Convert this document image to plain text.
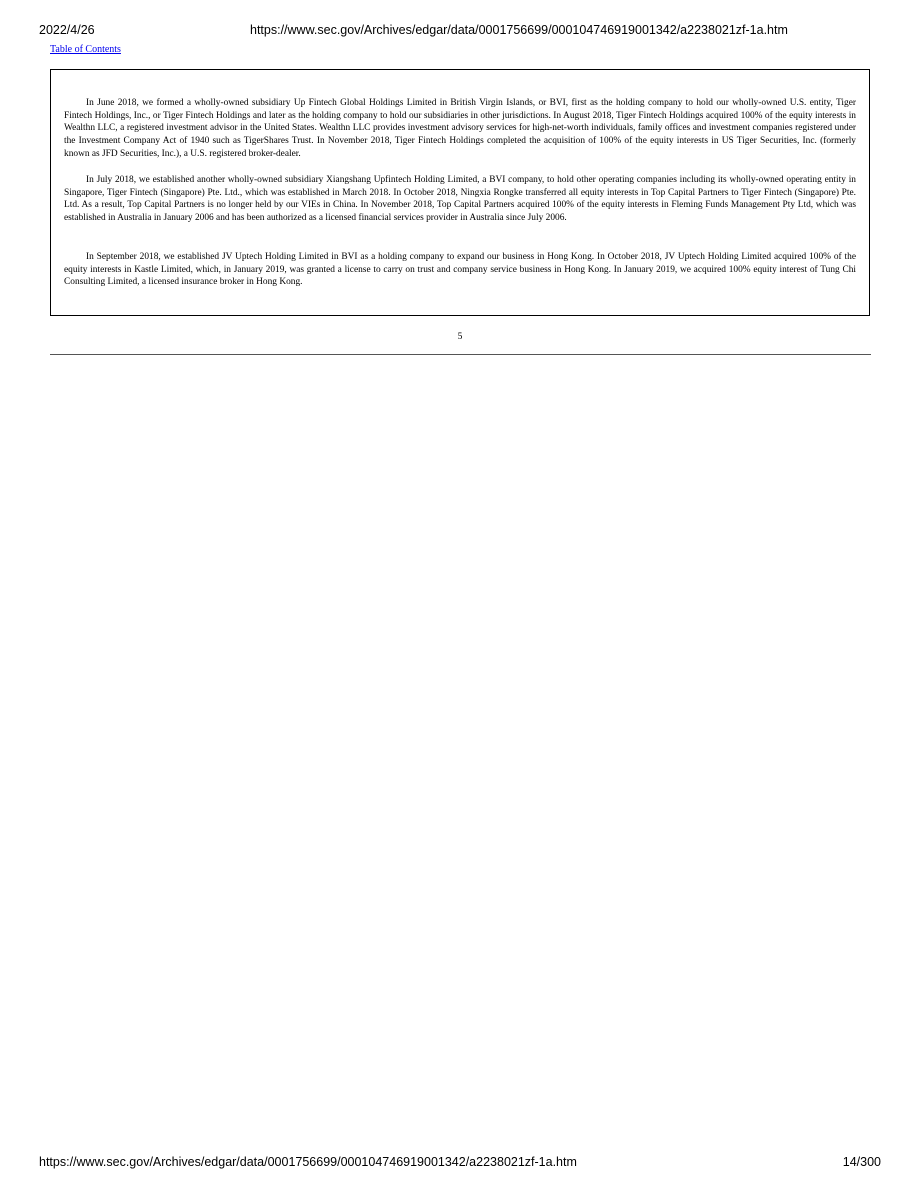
2022/4/26	https://www.sec.gov/Archives/edgar/data/0001756699/000104746919001342/a2238021zf-1a.htm
Table of Contents

In June 2018, we formed a wholly-owned subsidiary Up Fintech Global Holdings Limited in British Virgin Islands, or BVI, first as the holding company to hold our wholly-owned U.S. entity, Tiger Fintech Holdings, Inc., or Tiger Fintech Holdings and later as the holding company to hold our subsidiaries in other jurisdictions. In August 2018, Tiger Fintech Holdings acquired 100% of the equity interests in Wealthn LLC, a registered investment advisor in the United States. Wealthn LLC provides investment advisory services for high-net-worth individuals, family offices and investment companies registered under the Investment Company Act of 1940 such as TigerShares Trust. In November 2018, Tiger Fintech Holdings completed the acquisition of 100% of the equity interests in US Tiger Securities, Inc. (formerly known as JFD Securities, Inc.), a U.S. registered broker-dealer.

In July 2018, we established another wholly-owned subsidiary Xiangshang Upfintech Holding Limited, a BVI company, to hold other operating companies including its wholly-owned operating entity in Singapore, Tiger Fintech (Singapore) Pte. Ltd., which was established in March 2018. In October 2018, Ningxia Rongke transferred all equity interests in Top Capital Partners to Tiger Fintech (Singapore) Pte. Ltd. As a result, Top Capital Partners is no longer held by our VIEs in China. In November 2018, Top Capital Partners acquired 100% of the equity interests in Fleming Funds Management Pty Ltd, which was established in Australia in January 2006 and has been authorized as a licensed financial services provider in Australia since July 2006.

In September 2018, we established JV Uptech Holding Limited in BVI as a holding company to expand our business in Hong Kong. In October 2018, JV Uptech Holding Limited acquired 100% of the equity interests in Kastle Limited, which, in January 2019, was granted a license to carry on trust and company service business in Hong Kong. In January 2019, we acquired 100% equity interest of Tung Chi Consulting Limited, a licensed insurance broker in Hong Kong.

5
https://www.sec.gov/Archives/edgar/data/0001756699/000104746919001342/a2238021zf-1a.htm	14/300
